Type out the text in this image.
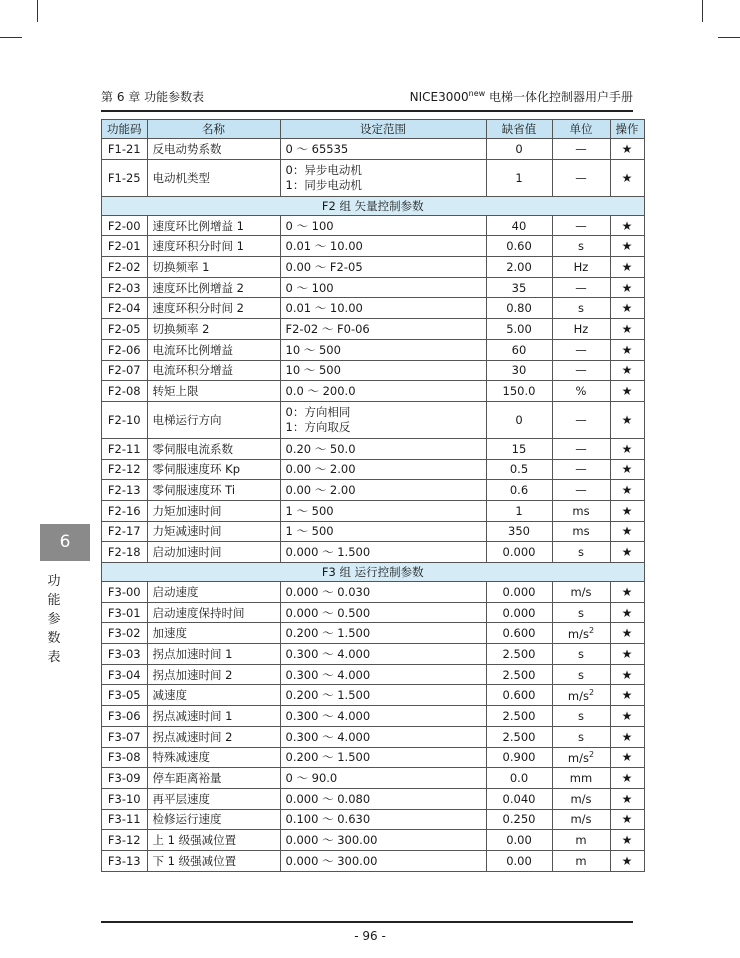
第 6 章 功能参数表	$NICE3000^{new}$ 电梯一体化控制器用户手册
功能码	名称	设定范围	缺省值	单位	操作
F1-21	反电动势系数	0 ～ 65535	0	—	★
F1-25	电动机类型	0：异步电动机
1：同步电动机	1	—	★
F2 组 矢量控制参数					
F2-00	速度环比例增益 1	0 ～ 100	40	—	★
F2-01	速度环积分时间 1	0.01 ～ 10.00	0.60	s	★
F2-02	切换频率 1	0.00 ～ F2-05	2.00	Hz	★
F2-03	速度环比例增益 2	0 ～ 100	35	—	★
F2-04	速度环积分时间 2	0.01 ～ 10.00	0.80	s	★
F2-05	切换频率 2	F2-02 ～ F0-06	5.00	Hz	★
F2-06	电流环比例增益	10 ～ 500	60	—	★
F2-07	电流环积分增益	10 ～ 500	30	—	★
F2-08	转矩上限	0.0 ～ 200.0	150.0	%	★
F2-10	电梯运行方向	0：方向相同
1：方向取反	0	—	★
F2-11	零伺服电流系数	0.20 ～ 50.0	15	—	★
F2-12	零伺服速度环 Kp	0.00 ～ 2.00	0.5	—	★
F2-13	零伺服速度环 Ti	0.00 ～ 2.00	0.6	—	★
F2-16	力矩加速时间	1 ～ 500	1	ms	★
F2-17	力矩减速时间	1 ～ 500	350	ms	★
F2-18	启动加速时间	0.000 ～ 1.500	0.000	s	★
F3 组 运行控制参数					
F3-00	启动速度	0.000 ～ 0.030	0.000	m/s	★
F3-01	启动速度保持时间	0.000 ～ 0.500	0.000	s	★
F3-02	加速度	0.200 ～ 1.500	0.600	$m/s^2$	★
F3-03	拐点加速时间 1	0.300 ～ 4.000	2.500	s	★
F3-04	拐点加速时间 2	0.300 ～ 4.000	2.500	s	★
F3-05	减速度	0.200 ～ 1.500	0.600	$m/s^2$	★
F3-06	拐点减速时间 1	0.300 ～ 4.000	2.500	s	★
F3-07	拐点减速时间 2	0.300 ～ 4.000	2.500	s	★
F3-08	特殊减速度	0.200 ～ 1.500	0.900	$m/s^2$	★
F3-09	停车距离裕量	0 ～ 90.0	0.0	mm	★
F3-10	再平层速度	0.000 ～ 0.080	0.040	m/s	★
F3-11	检修运行速度	0.100 ～ 0.630	0.250	m/s	★
F3-12	上 1 级强减位置	0.000 ～ 300.00	0.00	m	★
F3-13	下 1 级强减位置	0.000 ～ 300.00	0.00	m	★
6
功
能
参
数
表
- 96 -
